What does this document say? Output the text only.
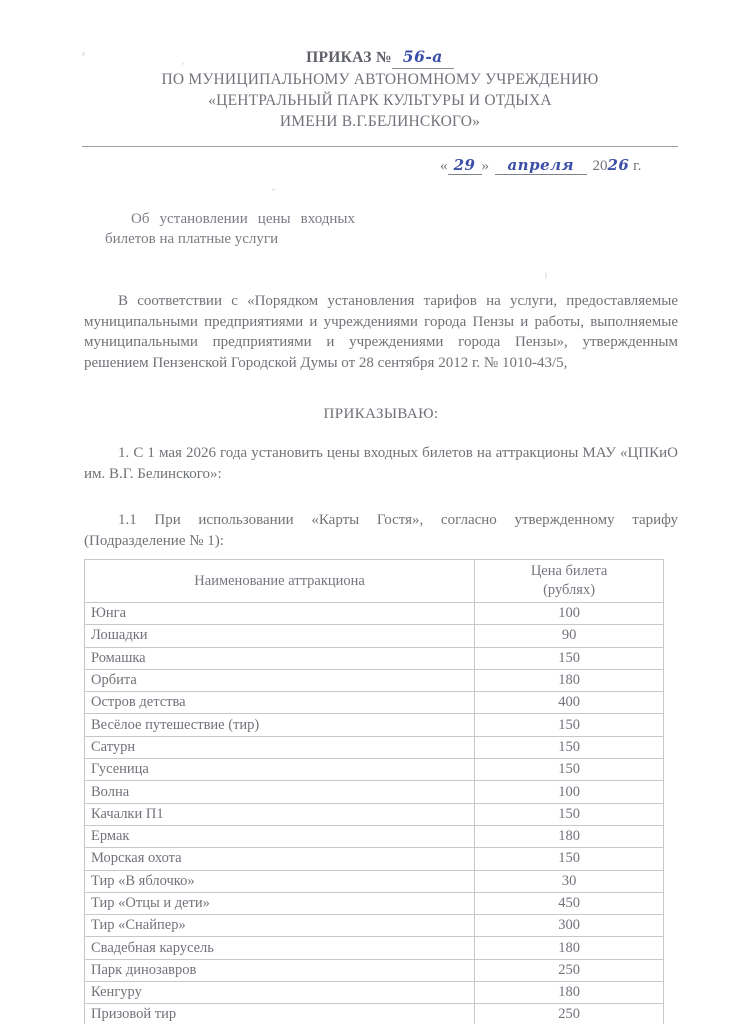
ПРИКАЗ № 56-а
ПО МУНИЦИПАЛЬНОМУ АВТОНОМНОМУ УЧРЕЖДЕНИЮ
«ЦЕНТРАЛЬНЫЙ ПАРК КУЛЬТУРЫ И ОТДЫХА
ИМЕНИ В.Г.БЕЛИНСКОГО»
« 29 » апреля 2026 г.
Об установлении цены входных билетов на платные услуги
В соответствии с «Порядком установления тарифов на услуги, предоставляемые муниципальными предприятиями и учреждениями города Пензы и работы, выполняемые муниципальными предприятиями и учреждениями города Пензы», утвержденным решением Пензенской Городской Думы от 28 сентября 2012 г. № 1010-43/5,
ПРИКАЗЫВАЮ:
1. С 1 мая 2026 года установить цены входных билетов на аттракционы МАУ «ЦПКиО им. В.Г. Белинского»:
1.1 При использовании «Карты Гостя», согласно утвержденному тарифу (Подразделение № 1):
Наименование аттракциона	Цена билета
(рублях)

Юнга	100
Лошадки	90
Ромашка	150
Орбита	180
Остров детства	400
Весёлое путешествие (тир)	150
Сатурн	150
Гусеница	150
Волна	100
Качалки П1	150
Ермак	180
Морская охота	150
Тир «В яблочко»	30
Тир «Отцы и дети»	450
Тир «Снайпер»	300
Свадебная карусель	180
Парк динозавров	250
Кенгуру	180
Призовой тир	250
